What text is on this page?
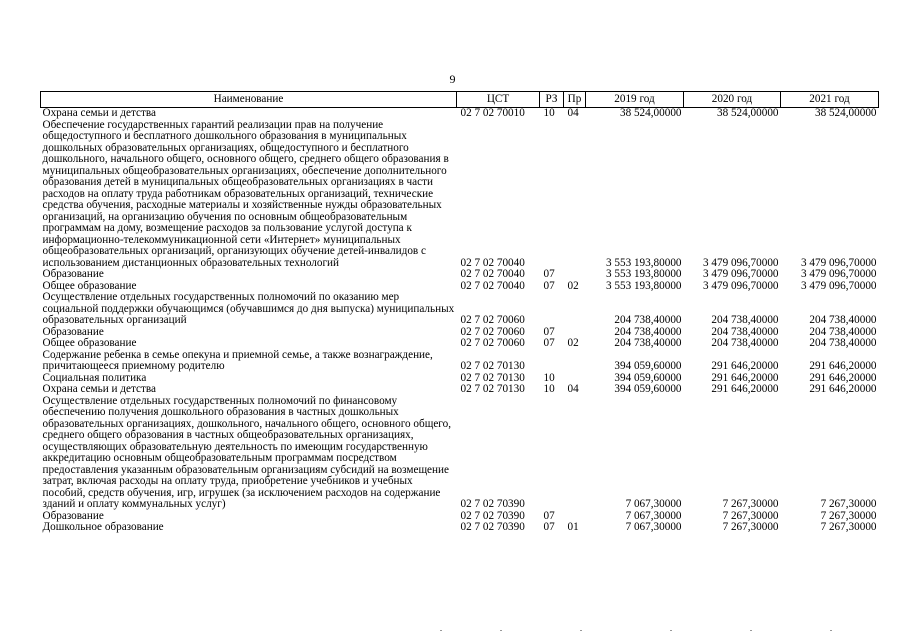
9
Наименование	ЦСТ	РЗ	Пр	2019 год	2020 год	2021 год
Охрана семьи и детства	02 7 02 70010	10	04	38 524,00000	38 524,00000	38 524,00000
Обеспечение государственных гарантий реализации прав на получение общедоступного и бесплатного дошкольного образования в муниципальных дошкольных образовательных организациях, общедоступного и бесплатного дошкольного, начального общего, основного общего, среднего общего образования в муниципальных общеобразовательных организациях, обеспечение дополнительного образования детей в муниципальных общеобразовательных организациях в части расходов на оплату труда работникам образовательных организаций, технические средства обучения, расходные материалы и хозяйственные нужды образовательных организаций, на организацию обучения по основным общеобразовательным программам на дому, возмещение расходов за пользование услугой доступа к информационно-телекоммуникационной сети «Интернет» муниципальных общеобразовательных организаций, организующих обучение детей-инвалидов с использованием дистанционных образовательных технологий	02 7 02 70040			3 553 193,80000	3 479 096,70000	3 479 096,70000
Образование	02 7 02 70040	07		3 553 193,80000	3 479 096,70000	3 479 096,70000
Общее образование	02 7 02 70040	07	02	3 553 193,80000	3 479 096,70000	3 479 096,70000
Осуществление отдельных государственных полномочий по оказанию мер социальной поддержки обучающимся (обучавшимся до дня выпуска) муниципальных образовательных организаций	02 7 02 70060			204 738,40000	204 738,40000	204 738,40000
Образование	02 7 02 70060	07		204 738,40000	204 738,40000	204 738,40000
Общее образование	02 7 02 70060	07	02	204 738,40000	204 738,40000	204 738,40000
Содержание ребенка в семье опекуна и приемной семье, а также вознаграждение, причитающееся приемному родителю	02 7 02 70130			394 059,60000	291 646,20000	291 646,20000
Социальная политика	02 7 02 70130	10		394 059,60000	291 646,20000	291 646,20000
Охрана семьи и детства	02 7 02 70130	10	04	394 059,60000	291 646,20000	291 646,20000
Осуществление отдельных государственных полномочий по финансовому обеспечению получения дошкольного образования в частных дошкольных образовательных организациях, дошкольного, начального общего, основного общего, среднего общего образования в частных общеобразовательных организациях, осуществляющих образовательную деятельность по имеющим государственную аккредитацию основным общеобразовательным программам посредством предоставления указанным образовательным организациям субсидий на возмещение затрат, включая расходы на оплату труда, приобретение учебников и учебных пособий, средств обучения, игр, игрушек (за исключением расходов на содержание зданий и оплату коммунальных услуг)	02 7 02 70390			7 067,30000	7 267,30000	7 267,30000
Образование	02 7 02 70390	07		7 067,30000	7 267,30000	7 267,30000
Дошкольное образование	02 7 02 70390	07	01	7 067,30000	7 267,30000	7 267,30000
